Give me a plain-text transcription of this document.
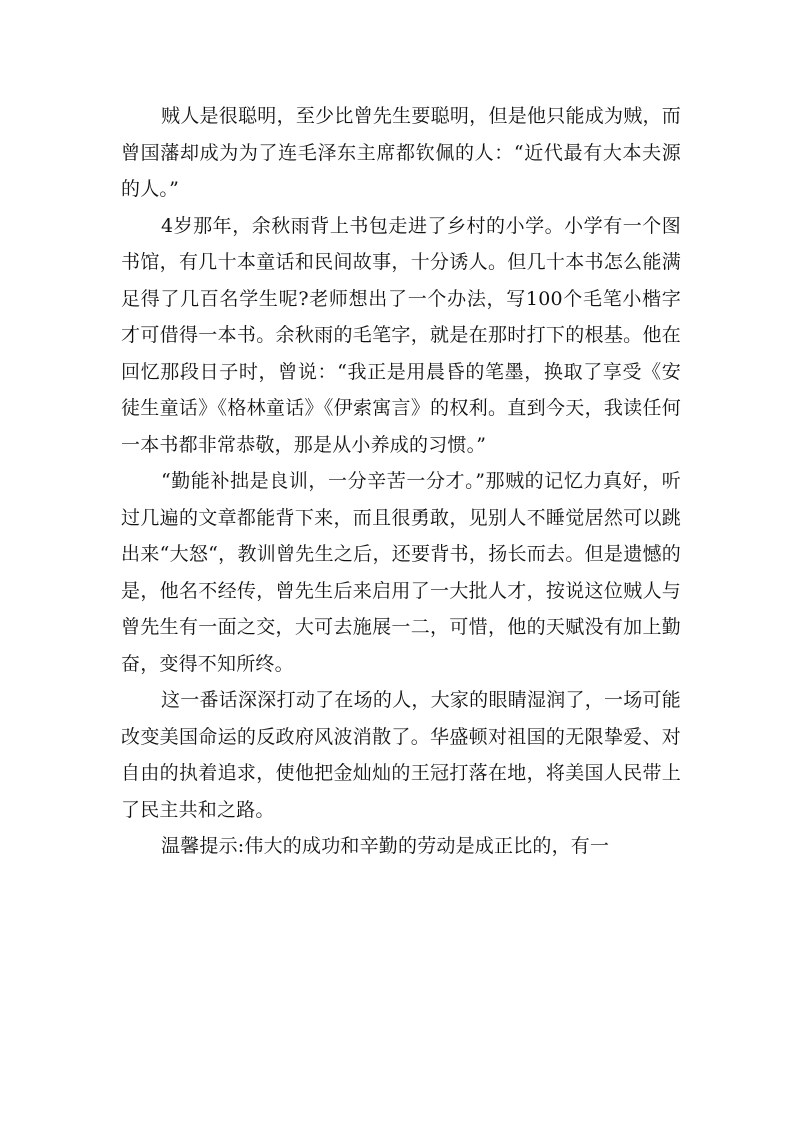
贼人是很聪明，至少比曾先生要聪明，但是他只能成为贼，而曾国藩却成为为了连毛泽东主席都钦佩的人：“近代最有大本夫源的人。”

4岁那年，余秋雨背上书包走进了乡村的小学。小学有一个图书馆，有几十本童话和民间故事，十分诱人。但几十本书怎么能满足得了几百名学生呢?老师想出了一个办法，写100个毛笔小楷字才可借得一本书。余秋雨的毛笔字，就是在那时打下的根基。他在回忆那段日子时，曾说：“我正是用晨昏的笔墨，换取了享受《安徒生童话》《格林童话》《伊索寓言》的权利。直到今天，我读任何一本书都非常恭敬，那是从小养成的习惯。”

“勤能补拙是良训，一分辛苦一分才。”那贼的记忆力真好，听过几遍的文章都能背下来，而且很勇敢，见别人不睡觉居然可以跳出来“大怒“，教训曾先生之后，还要背书，扬长而去。但是遗憾的是，他名不经传，曾先生后来启用了一大批人才，按说这位贼人与曾先生有一面之交，大可去施展一二，可惜，他的天赋没有加上勤奋，变得不知所终。

这一番话深深打动了在场的人，大家的眼睛湿润了，一场可能改变美国命运的反政府风波消散了。华盛顿对祖国的无限挚爱、对自由的执着追求，使他把金灿灿的王冠打落在地，将美国人民带上了民主共和之路。

温馨提示:伟大的成功和辛勤的劳动是成正比的，有一
